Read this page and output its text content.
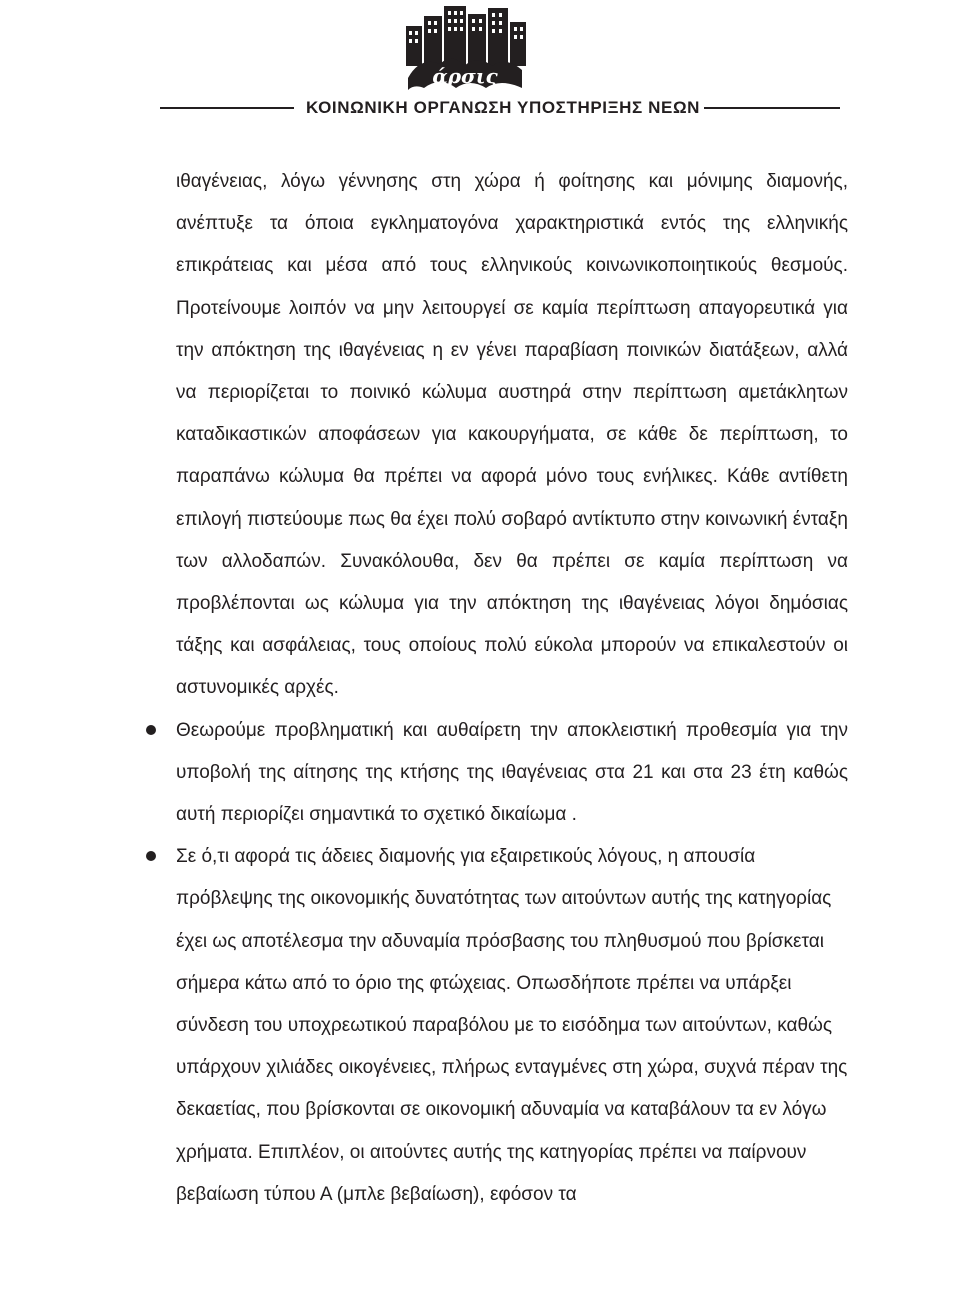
άρσις
ΚΟΙΝΩΝΙΚΗ ΟΡΓΑΝΩΣΗ ΥΠΟΣΤΗΡΙΞΗΣ ΝΕΩΝ

ιθαγένειας, λόγω γέννησης στη χώρα ή φοίτησης και μόνιμης διαμονής, ανέπτυξε τα όποια εγκληματογόνα χαρακτηριστικά εντός της ελληνικής επικράτειας και μέσα από τους ελληνικούς κοινωνικοποιητικούς θεσμούς. Προτείνουμε λοιπόν να μην λειτουργεί σε καμία περίπτωση απαγορευτικά για την απόκτηση της ιθαγένειας η εν γένει παραβίαση ποινικών διατάξεων, αλλά να περιορίζεται το ποινικό κώλυμα αυστηρά στην περίπτωση αμετάκλητων καταδικαστικών αποφάσεων για κακουργήματα, σε κάθε δε περίπτωση, το παραπάνω κώλυμα θα πρέπει να αφορά μόνο τους ενήλικες. Κάθε αντίθετη επιλογή πιστεύουμε πως θα έχει πολύ σοβαρό αντίκτυπο στην κοινωνική ένταξη των αλλοδαπών. Συνακόλουθα, δεν θα πρέπει σε καμία περίπτωση να προβλέπονται ως κώλυμα για την απόκτηση της ιθαγένειας λόγοι δημόσιας τάξης και ασφάλειας, τους οποίους πολύ εύκολα μπορούν να επικαλεστούν οι αστυνομικές αρχές.

Θεωρούμε προβληματική και αυθαίρετη την αποκλειστική προθεσμία για την υποβολή της αίτησης της κτήσης της ιθαγένειας στα 21 και στα 23 έτη καθώς αυτή περιορίζει σημαντικά το σχετικό δικαίωμα .

Σε ό,τι αφορά τις άδειες διαμονής για εξαιρετικούς λόγους, η απουσία πρόβλεψης της οικονομικής δυνατότητας των αιτούντων αυτής της κατηγορίας έχει ως αποτέλεσμα την αδυναμία πρόσβασης του πληθυσμού που βρίσκεται σήμερα κάτω από το όριο της φτώχειας. Οπωσδήποτε πρέπει να υπάρξει σύνδεση του υποχρεωτικού παραβόλου με το εισόδημα των αιτούντων, καθώς υπάρχουν χιλιάδες οικογένειες, πλήρως ενταγμένες στη χώρα, συχνά πέραν της δεκαετίας, που βρίσκονται σε οικονομική αδυναμία να καταβάλουν τα εν λόγω χρήματα. Επιπλέον, οι αιτούντες αυτής της κατηγορίας πρέπει να παίρνουν βεβαίωση τύπου Α (μπλε βεβαίωση), εφόσον τα
